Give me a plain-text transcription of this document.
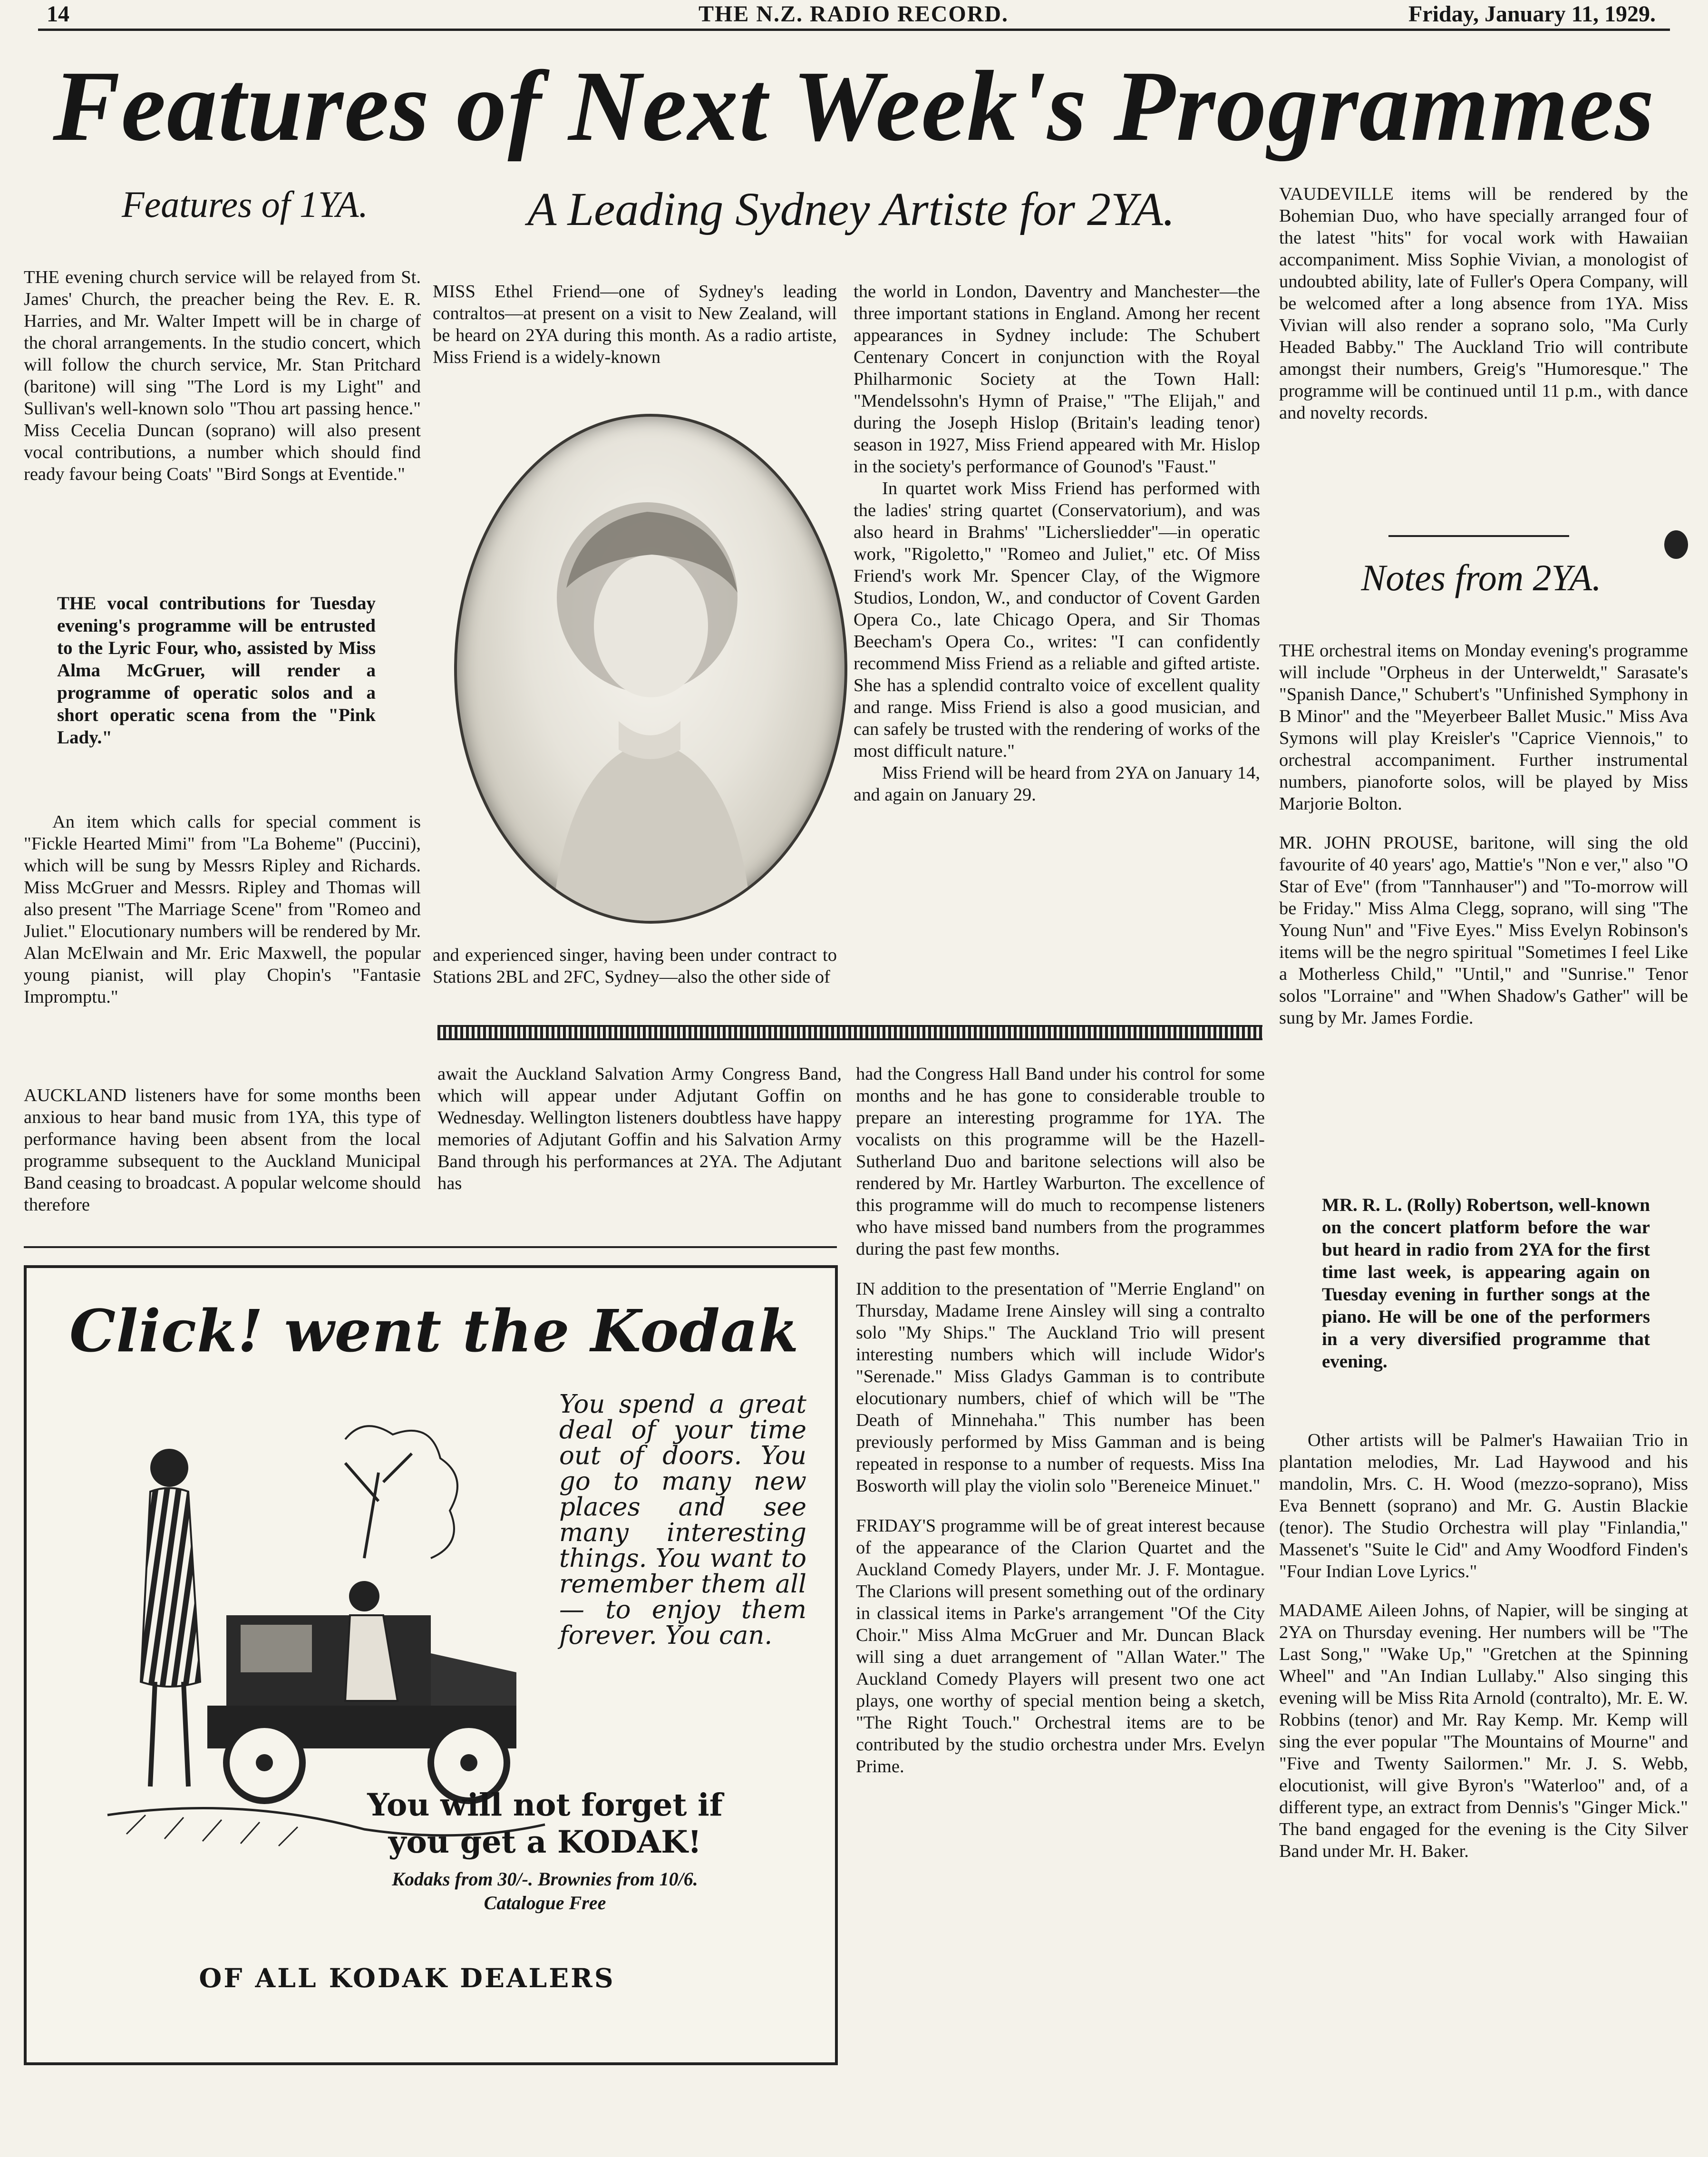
14	THE N.Z. RADIO RECORD.	Friday, January 11, 1929.
Features of Next Week's Programmes
Features of 1YA.

THE evening church service will be relayed from St. James' Church, the preacher being the Rev. E. R. Harries, and Mr. Walter Impett will be in charge of the choral arrangements. In the studio concert, which will follow the church service, Mr. Stan Pritchard (baritone) will sing "The Lord is my Light" and Sullivan's well-known solo "Thou art passing hence." Miss Cecelia Duncan (soprano) will also present vocal contributions, a number which should find ready favour being Coats' "Bird Songs at Eventide."

THE vocal contributions for Tuesday evening's programme will be entrusted to the Lyric Four, who, assisted by Miss Alma McGruer, will render a programme of operatic solos and a short operatic scena from the "Pink Lady."

An item which calls for special comment is "Fickle Hearted Mimi" from "La Boheme" (Puccini), which will be sung by Messrs Ripley and Richards. Miss McGruer and Messrs. Ripley and Thomas will also present "The Marriage Scene" from "Romeo and Juliet." Elocutionary numbers will be rendered by Mr. Alan McElwain and Mr. Eric Maxwell, the popular young pianist, will play Chopin's "Fantasie Impromptu."

AUCKLAND listeners have for some months been anxious to hear band music from 1YA, this type of performance having been absent from the local programme subsequent to the Auckland Municipal Band ceasing to broadcast. A popular welcome should therefore

A Leading Sydney Artiste for 2YA.

MISS Ethel Friend—one of Sydney's leading contraltos—at present on a visit to New Zealand, will be heard on 2YA during this month. As a radio artiste, Miss Friend is a widely-known

and experienced singer, having been under contract to Stations 2BL and 2FC, Sydney—also the other side of

the world in London, Daventry and Manchester—the three important stations in England. Among her recent appearances in Sydney include: The Schubert Centenary Concert in conjunction with the Royal Philharmonic Society at the Town Hall: "Mendelssohn's Hymn of Praise," "The Elijah," and during the Joseph Hislop (Britain's leading tenor) season in 1927, Miss Friend appeared with Mr. Hislop in the society's performance of Gounod's "Faust."

In quartet work Miss Friend has performed with the ladies' string quartet (Conservatorium), and was also heard in Brahms' "Lichersliedder"—in operatic work, "Rigoletto," "Romeo and Juliet," etc. Of Miss Friend's work Mr. Spencer Clay, of the Wigmore Studios, London, W., and conductor of Covent Garden Opera Co., late Chicago Opera, and Sir Thomas Beecham's Opera Co., writes: "I can confidently recommend Miss Friend as a reliable and gifted artiste. She has a splendid contralto voice of excellent quality and range. Miss Friend is also a good musician, and can safely be trusted with the rendering of works of the most difficult nature."

Miss Friend will be heard from 2YA on January 14, and again on January 29.

await the Auckland Salvation Army Congress Band, which will appear under Adjutant Goffin on Wednesday. Wellington listeners doubtless have happy memories of Adjutant Goffin and his Salvation Army Band through his performances at 2YA. The Adjutant has

had the Congress Hall Band under his control for some months and he has gone to considerable trouble to prepare an interesting programme for 1YA. The vocalists on this programme will be the Hazell-Sutherland Duo and baritone selections will also be rendered by Mr. Hartley Warburton. The excellence of this programme will do much to recompense listeners who have missed band numbers from the programmes during the past few months.

IN addition to the presentation of "Merrie England" on Thursday, Madame Irene Ainsley will sing a contralto solo "My Ships." The Auckland Trio will present interesting numbers which will include Widor's "Serenade." Miss Gladys Gamman is to contribute elocutionary numbers, chief of which will be "The Death of Minnehaha." This number has been previously performed by Miss Gamman and is being repeated in response to a number of requests. Miss Ina Bosworth will play the violin solo "Bereneice Minuet."

FRIDAY'S programme will be of great interest because of the appearance of the Clarion Quartet and the Auckland Comedy Players, under Mr. J. F. Montague. The Clarions will present something out of the ordinary in classical items in Parke's arrangement "Of the City Choir." Miss Alma McGruer and Mr. Duncan Black will sing a duet arrangement of "Allan Water." The Auckland Comedy Players will present two one act plays, one worthy of special mention being a sketch, "The Right Touch." Orchestral items are to be contributed by the studio orchestra under Mrs. Evelyn Prime.

VAUDEVILLE items will be rendered by the Bohemian Duo, who have specially arranged four of the latest "hits" for vocal work with Hawaiian accompaniment. Miss Sophie Vivian, a monologist of undoubted ability, late of Fuller's Opera Company, will be welcomed after a long absence from 1YA. Miss Vivian will also render a soprano solo, "Ma Curly Headed Babby." The Auckland Trio will contribute amongst their numbers, Greig's "Humoresque." The programme will be continued until 11 p.m., with dance and novelty records.

Notes from 2YA.

THE orchestral items on Monday evening's programme will include "Orpheus in der Unterweldt," Sarasate's "Spanish Dance," Schubert's "Unfinished Symphony in B Minor" and the "Meyerbeer Ballet Music." Miss Ava Symons will play Kreisler's "Caprice Viennois," to orchestral accompaniment. Further instrumental numbers, pianoforte solos, will be played by Miss Marjorie Bolton.

MR. JOHN PROUSE, baritone, will sing the old favourite of 40 years' ago, Mattie's "Non e ver," also "O Star of Eve" (from "Tannhauser") and "To-morrow will be Friday." Miss Alma Clegg, soprano, will sing "The Young Nun" and "Five Eyes." Miss Evelyn Robinson's items will be the negro spiritual "Sometimes I feel Like a Motherless Child," "Until," and "Sunrise." Tenor solos "Lorraine" and "When Shadow's Gather" will be sung by Mr. James Fordie.

MR. R. L. (Rolly) Robertson, well-known on the concert platform before the war but heard in radio from 2YA for the first time last week, is appearing again on Tuesday evening in further songs at the piano. He will be one of the performers in a very diversified programme that evening.

Other artists will be Palmer's Hawaiian Trio in plantation melodies, Mr. Lad Haywood and his mandolin, Mrs. C. H. Wood (mezzo-soprano), Miss Eva Bennett (soprano) and Mr. G. Austin Blackie (tenor). The Studio Orchestra will play "Finlandia," Massenet's "Suite le Cid" and Amy Woodford Finden's "Four Indian Love Lyrics."

MADAME Aileen Johns, of Napier, will be singing at 2YA on Thursday evening. Her numbers will be "The Last Song," "Wake Up," "Gretchen at the Spinning Wheel" and "An Indian Lullaby." Also singing this evening will be Miss Rita Arnold (contralto), Mr. E. W. Robbins (tenor) and Mr. Ray Kemp. Mr. Kemp will sing the ever popular "The Mountains of Mourne" and "Five and Twenty Sailormen." Mr. J. S. Webb, elocutionist, will give Byron's "Waterloo" and, of a different type, an extract from Dennis's "Ginger Mick." The band engaged for the evening is the City Silver Band under Mr. H. Baker.

Click! went the Kodak
You spend a great deal of your time out of doors. You go to many new places and see many interesting things. You want to remember them all — to enjoy them forever. You can.
You will not forget if
you get a KODAK!
Kodaks from 30/-. Brownies from 10/6.
Catalogue Free
OF ALL KODAK DEALERS
